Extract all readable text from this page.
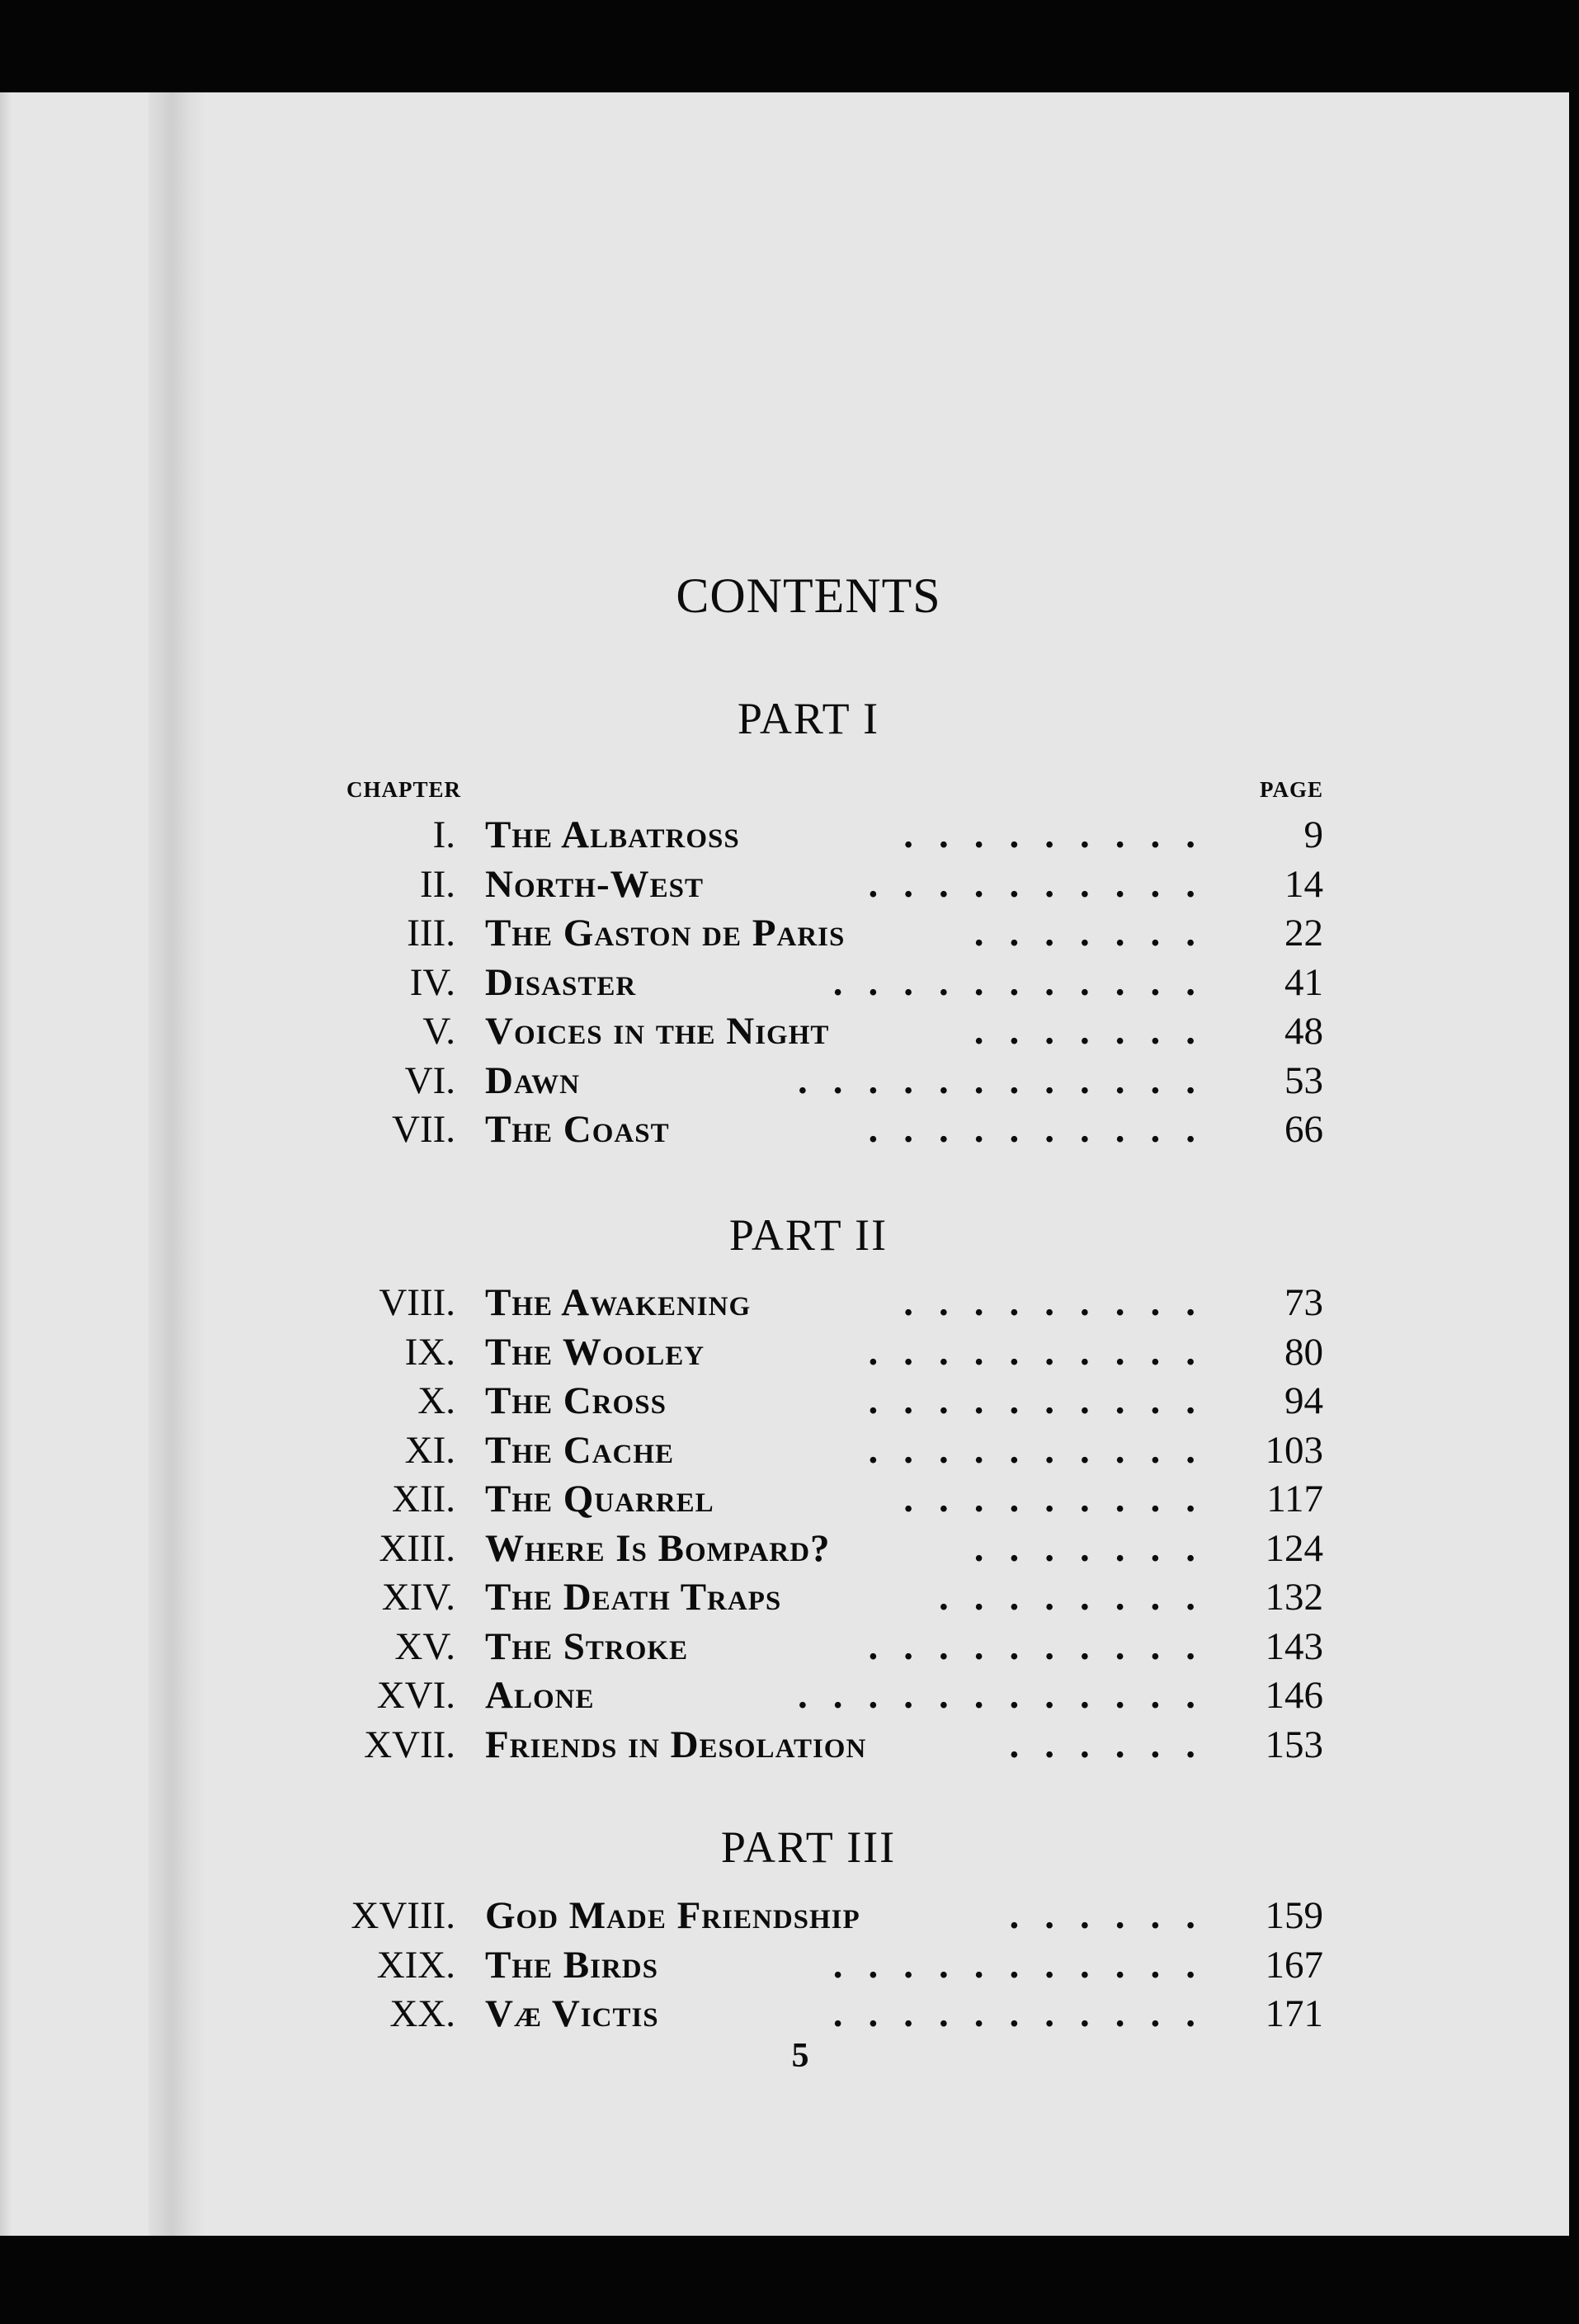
CONTENTS
PART I
CHAPTER	PAGE
PART II
PART III
I. The Albatross	9
.........
II. North-West	14
..........
III. The Gaston de Paris	22
.......
IV. Disaster	41
...........
V. Voices in the Night	48
.......
VI. Dawn	53
............
VII. The Coast	66
..........
VIII. The Awakening	73
.........
IX. The Wooley	80
..........
X. The Cross	94
..........
XI. The Cache	103
..........
XII. The Quarrel	117
.........
XIII. Where Is Bompard?	124
.......
XIV. The Death Traps	132
........
XV. The Stroke	143
..........
XVI. Alone	146
............
XVII. Friends in Desolation	153
......
XVIII. God Made Friendship	159
......
XIX. The Birds	167
...........
XX. Væ Victis	171
...........
5
